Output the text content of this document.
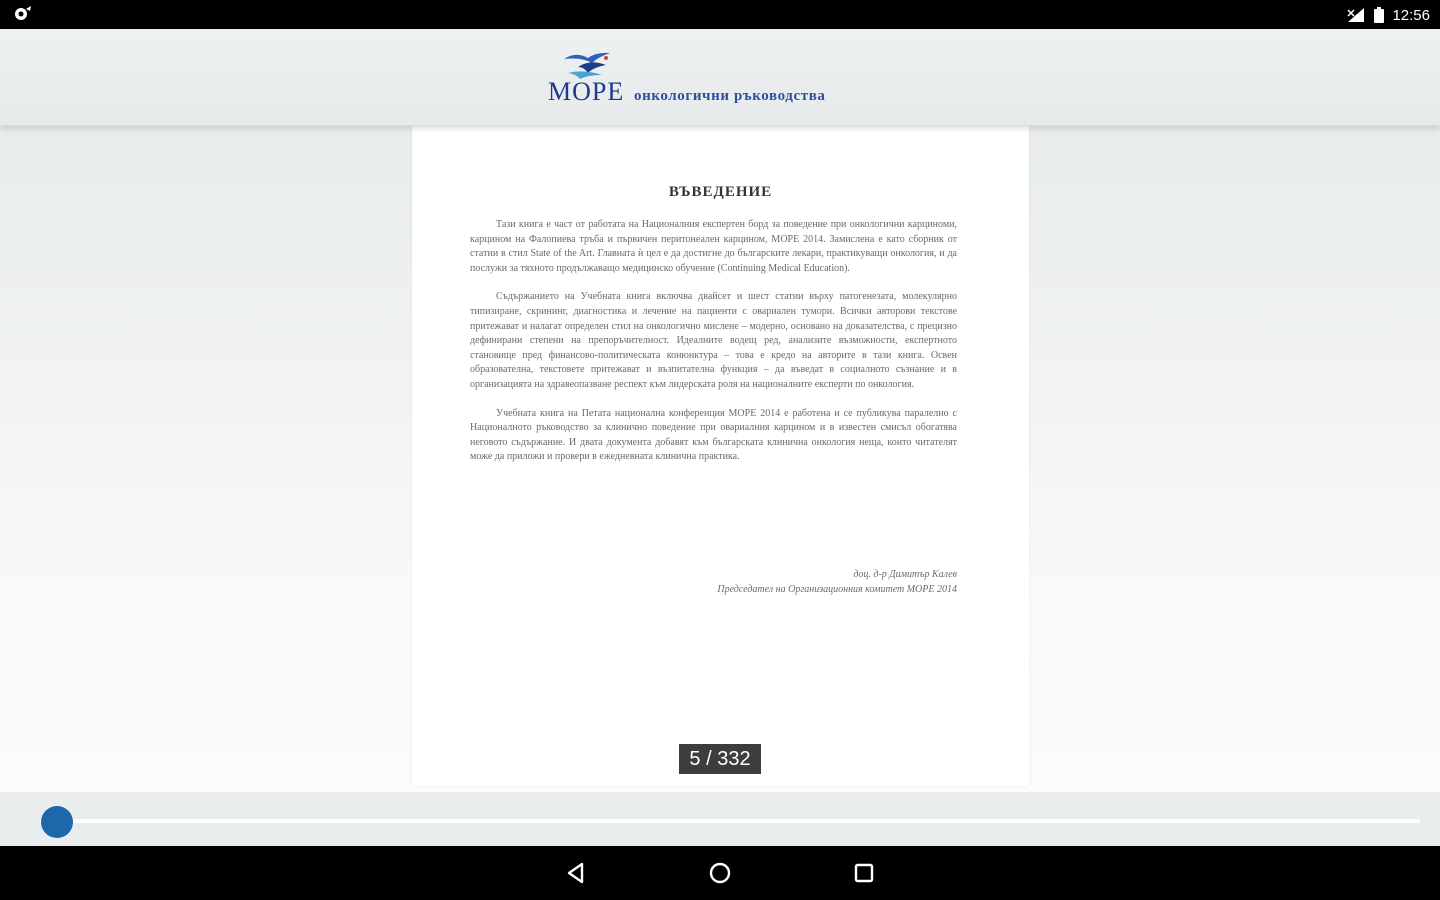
12:56
МОРЕ онкологични ръководства
ВЪВЕДЕНИЕ

Тази книга е част от работата на Националния експертен борд за поведение при онкологични карциноми, карцином на Фалопиева тръба и първичен перитонеален карцином, МОРЕ 2014. Замислена е като сборник от статии в стил State of the Art. Главната ѝ цел е да достигне до българските лекари, практикуващи онкология, и да послужи за тяхното продължаващо медицинско обучение (Continuing Medical Education).

Съдържанието на Учебната книга включва двайсет и шест статии върху патогенезата, молекулярно типизиране, скрининг, диагностика и лечение на пациенти с овариален тумори. Всички авторови текстове притежават и налагат определен стил на онкологично мислене – модерно, основано на доказателства, с прецизно дефинирани степени на препоръчителност. Идеалните водещ ред, анализите възможности, експертното становище пред финансово-политическата конюнктура – това е кредо на авторите в тази книга. Освен образователна, текстовете притежават и възпитателна функция – да въведат в социалното съзнание и в организацията на здравеопазване респект към лидерската роля на националните експерти по онкология.

Учебната книга на Петата национална конференция МОРЕ 2014 е работена и се публикува паралелно с Националното ръководство за клинично поведение при овариалния карцином и в известен смисъл обогатява неговото съдържание. И двата документа добавят към българската клинична онкология неща, които читателят може да приложи и провери в ежедневната клинична практика.

доц. д-р Димитър Калев
Председател на Организационния комитет МОРЕ 2014
5 / 332
